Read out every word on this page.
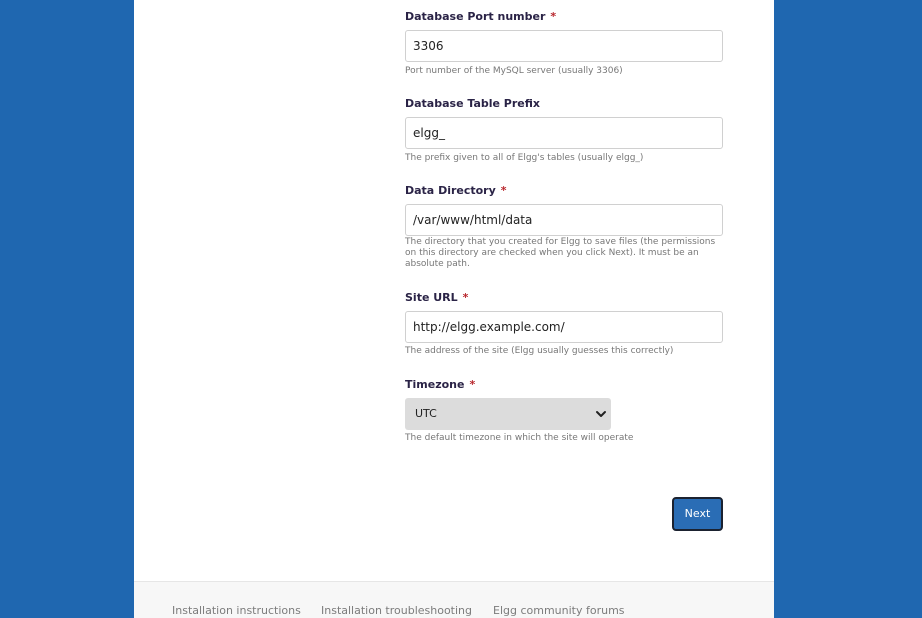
Database Port number *
3306
Port number of the MySQL server (usually 3306)
Database Table Prefix
elgg_
The prefix given to all of Elgg's tables (usually elgg_)
Data Directory *
/var/www/html/data
The directory that you created for Elgg to save files (the permissions on this directory are checked when you click Next). It must be an absolute path.
Site URL *
http://elgg.example.com/
The address of the site (Elgg usually guesses this correctly)
Timezone *
UTC
The default timezone in which the site will operate
Next
Installation instructions Installation troubleshooting Elgg community forums
